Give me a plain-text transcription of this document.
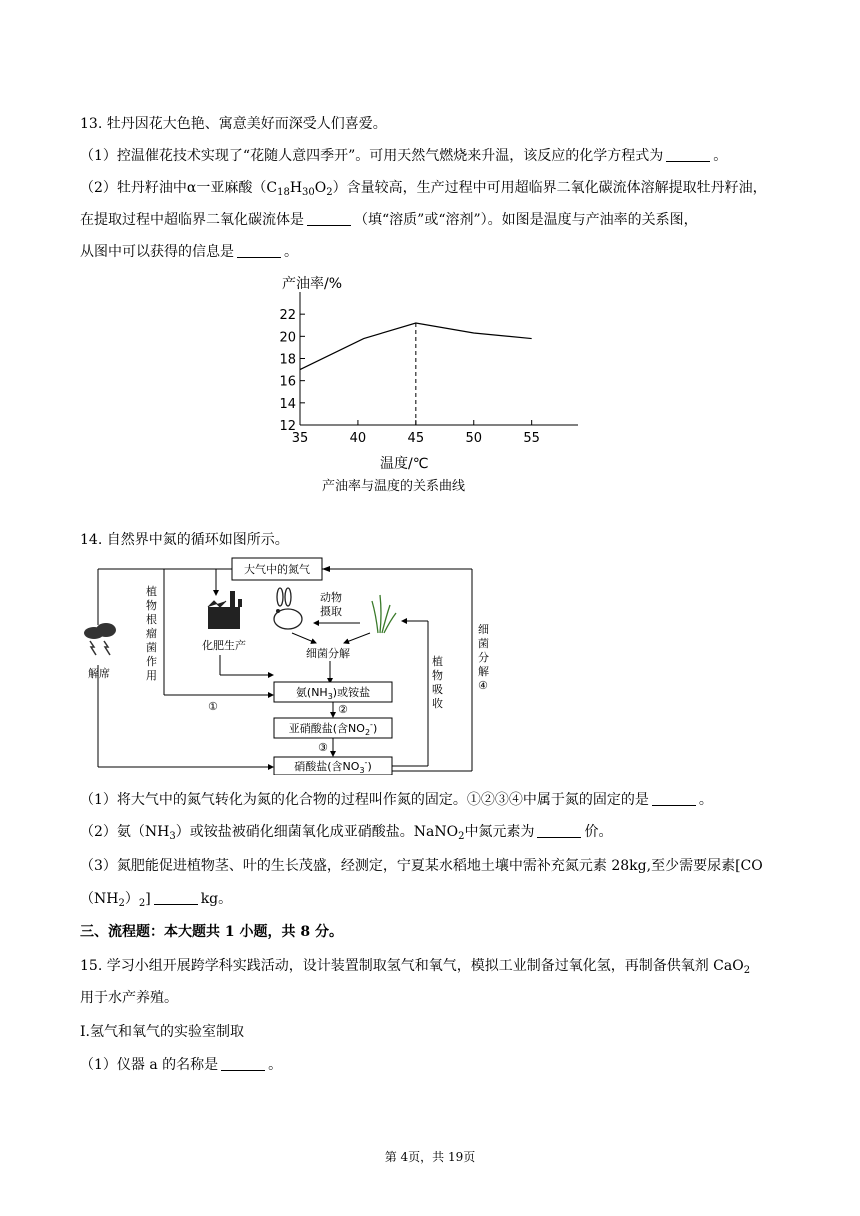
13. 牡丹因花大色艳、寓意美好而深受人们喜爱。
（1）控温催花技术实现了“花随人意四季开”。可用天然气燃烧来升温，该反应的化学方程式为	。
（2）牡丹籽油中α一亚麻酸$(C_{18}H_{30}O_2)$含量较高，生产过程中可用超临界二氧化碳流体溶解提取牡丹籽油，
在提取过程中超临界二氧化碳流体是	（填“溶质”或“溶剂”）。如图是温度与产油率的关系图，
从图中可以获得的信息是	。
产油率/%
12
14
16
18
20
22
35	40	45	50	55
温度/℃
产油率与温度的关系曲线
14. 自然界中氮的循环如图所示。
大气中的氮气
解席
植物根瘤菌作用
①
化肥生产
动物
摄取
细菌分解
氨$(NH_3)$或铵盐
②
亚硝酸盐(含$NO_2^-$)
③
硝酸盐(含$NO_3^-$)
植物吸收
细菌分解 ④
（1）将大气中的氮气转化为氮的化合物的过程叫作氮的固定。①②③④中属于氮的固定的是	。
（2）氨$(NH_3)$或铵盐被硝化细菌氧化成亚硝酸盐。NaNO$_2$中氮元素为	价。
（3）氮肥能促进植物茎、叶的生长茂盛，经测定，宁夏某水稻地土壤中需补充氮元素 28kg,至少需要尿素[CO
$(NH_2)_2$]	kg。
三、流程题：本大题共 1 小题，共 8 分。
15. 学习小组开展跨学科实践活动，设计装置制取氢气和氧气，模拟工业制备过氧化氢，再制备供氧剂 CaO$_2$
用于水产养殖。
Ⅰ.氢气和氧气的实验室制取
（1）仪器 a 的名称是	。
第 4页，共 19页
